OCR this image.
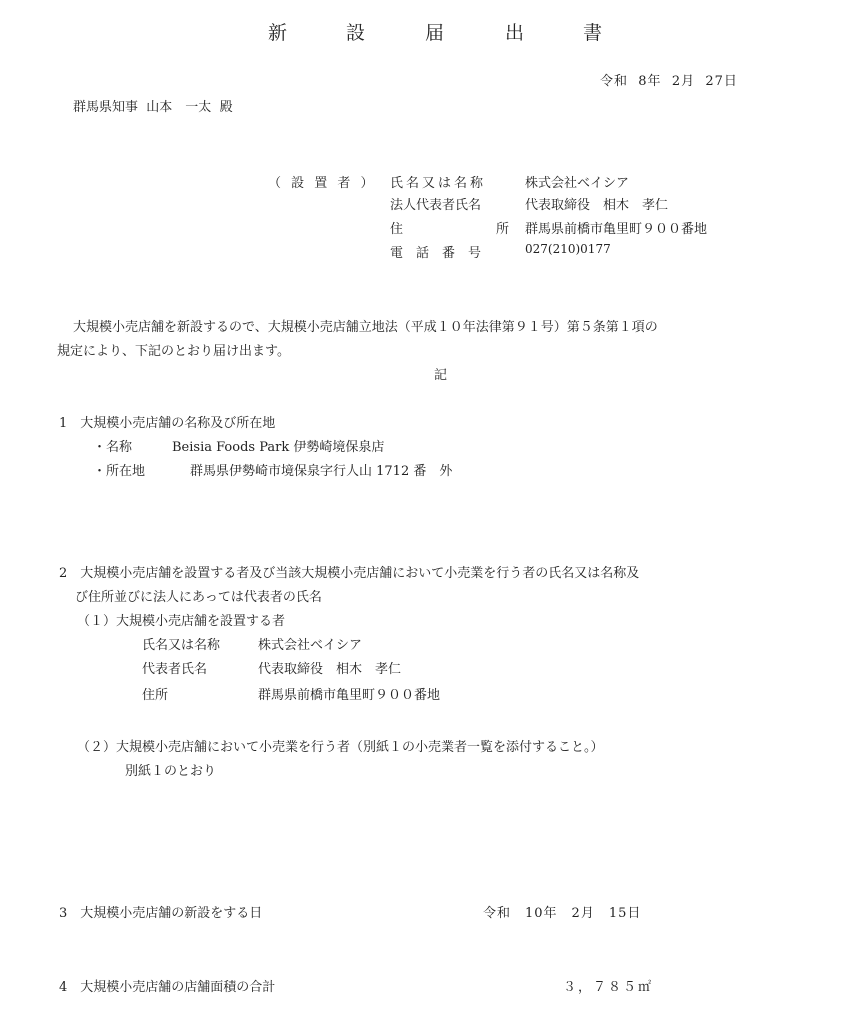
新	設	届	出	書
令和 8年 2月 27日
群馬県知事 山本　一太 殿
（ 設 置 者 ） 氏名又は名称	株式会社ベイシア
法人代表者氏名	代表取締役　相木　孝仁
住	所 群馬県前橋市亀里町９００番地
電　話　番　号	027(210)0177
大規模小売店舗を新設するので、大規模小売店舗立地法（平成１０年法律第９１号）第５条第１項の
規定により、下記のとおり届け出ます。
記
1　大規模小売店舗の名称及び所在地
・名称	Beisia Foods Park 伊勢崎境保泉店
・所在地	群馬県伊勢崎市境保泉字行人山 1712 番　外
2　大規模小売店舗を設置する者及び当該大規模小売店舗において小売業を行う者の氏名又は名称及
び住所並びに法人にあっては代表者の氏名
（１）大規模小売店舗を設置する者
氏名又は名称	株式会社ベイシア
代表者氏名	代表取締役　相木　孝仁
住所	群馬県前橋市亀里町９００番地
（２）大規模小売店舗において小売業を行う者（別紙１の小売業者一覧を添付すること。）
別紙１のとおり
3　大規模小売店舗の新設をする日	令和　10年　2月　15日
4　大規模小売店舗の店舗面積の合計	３，７８５㎡
